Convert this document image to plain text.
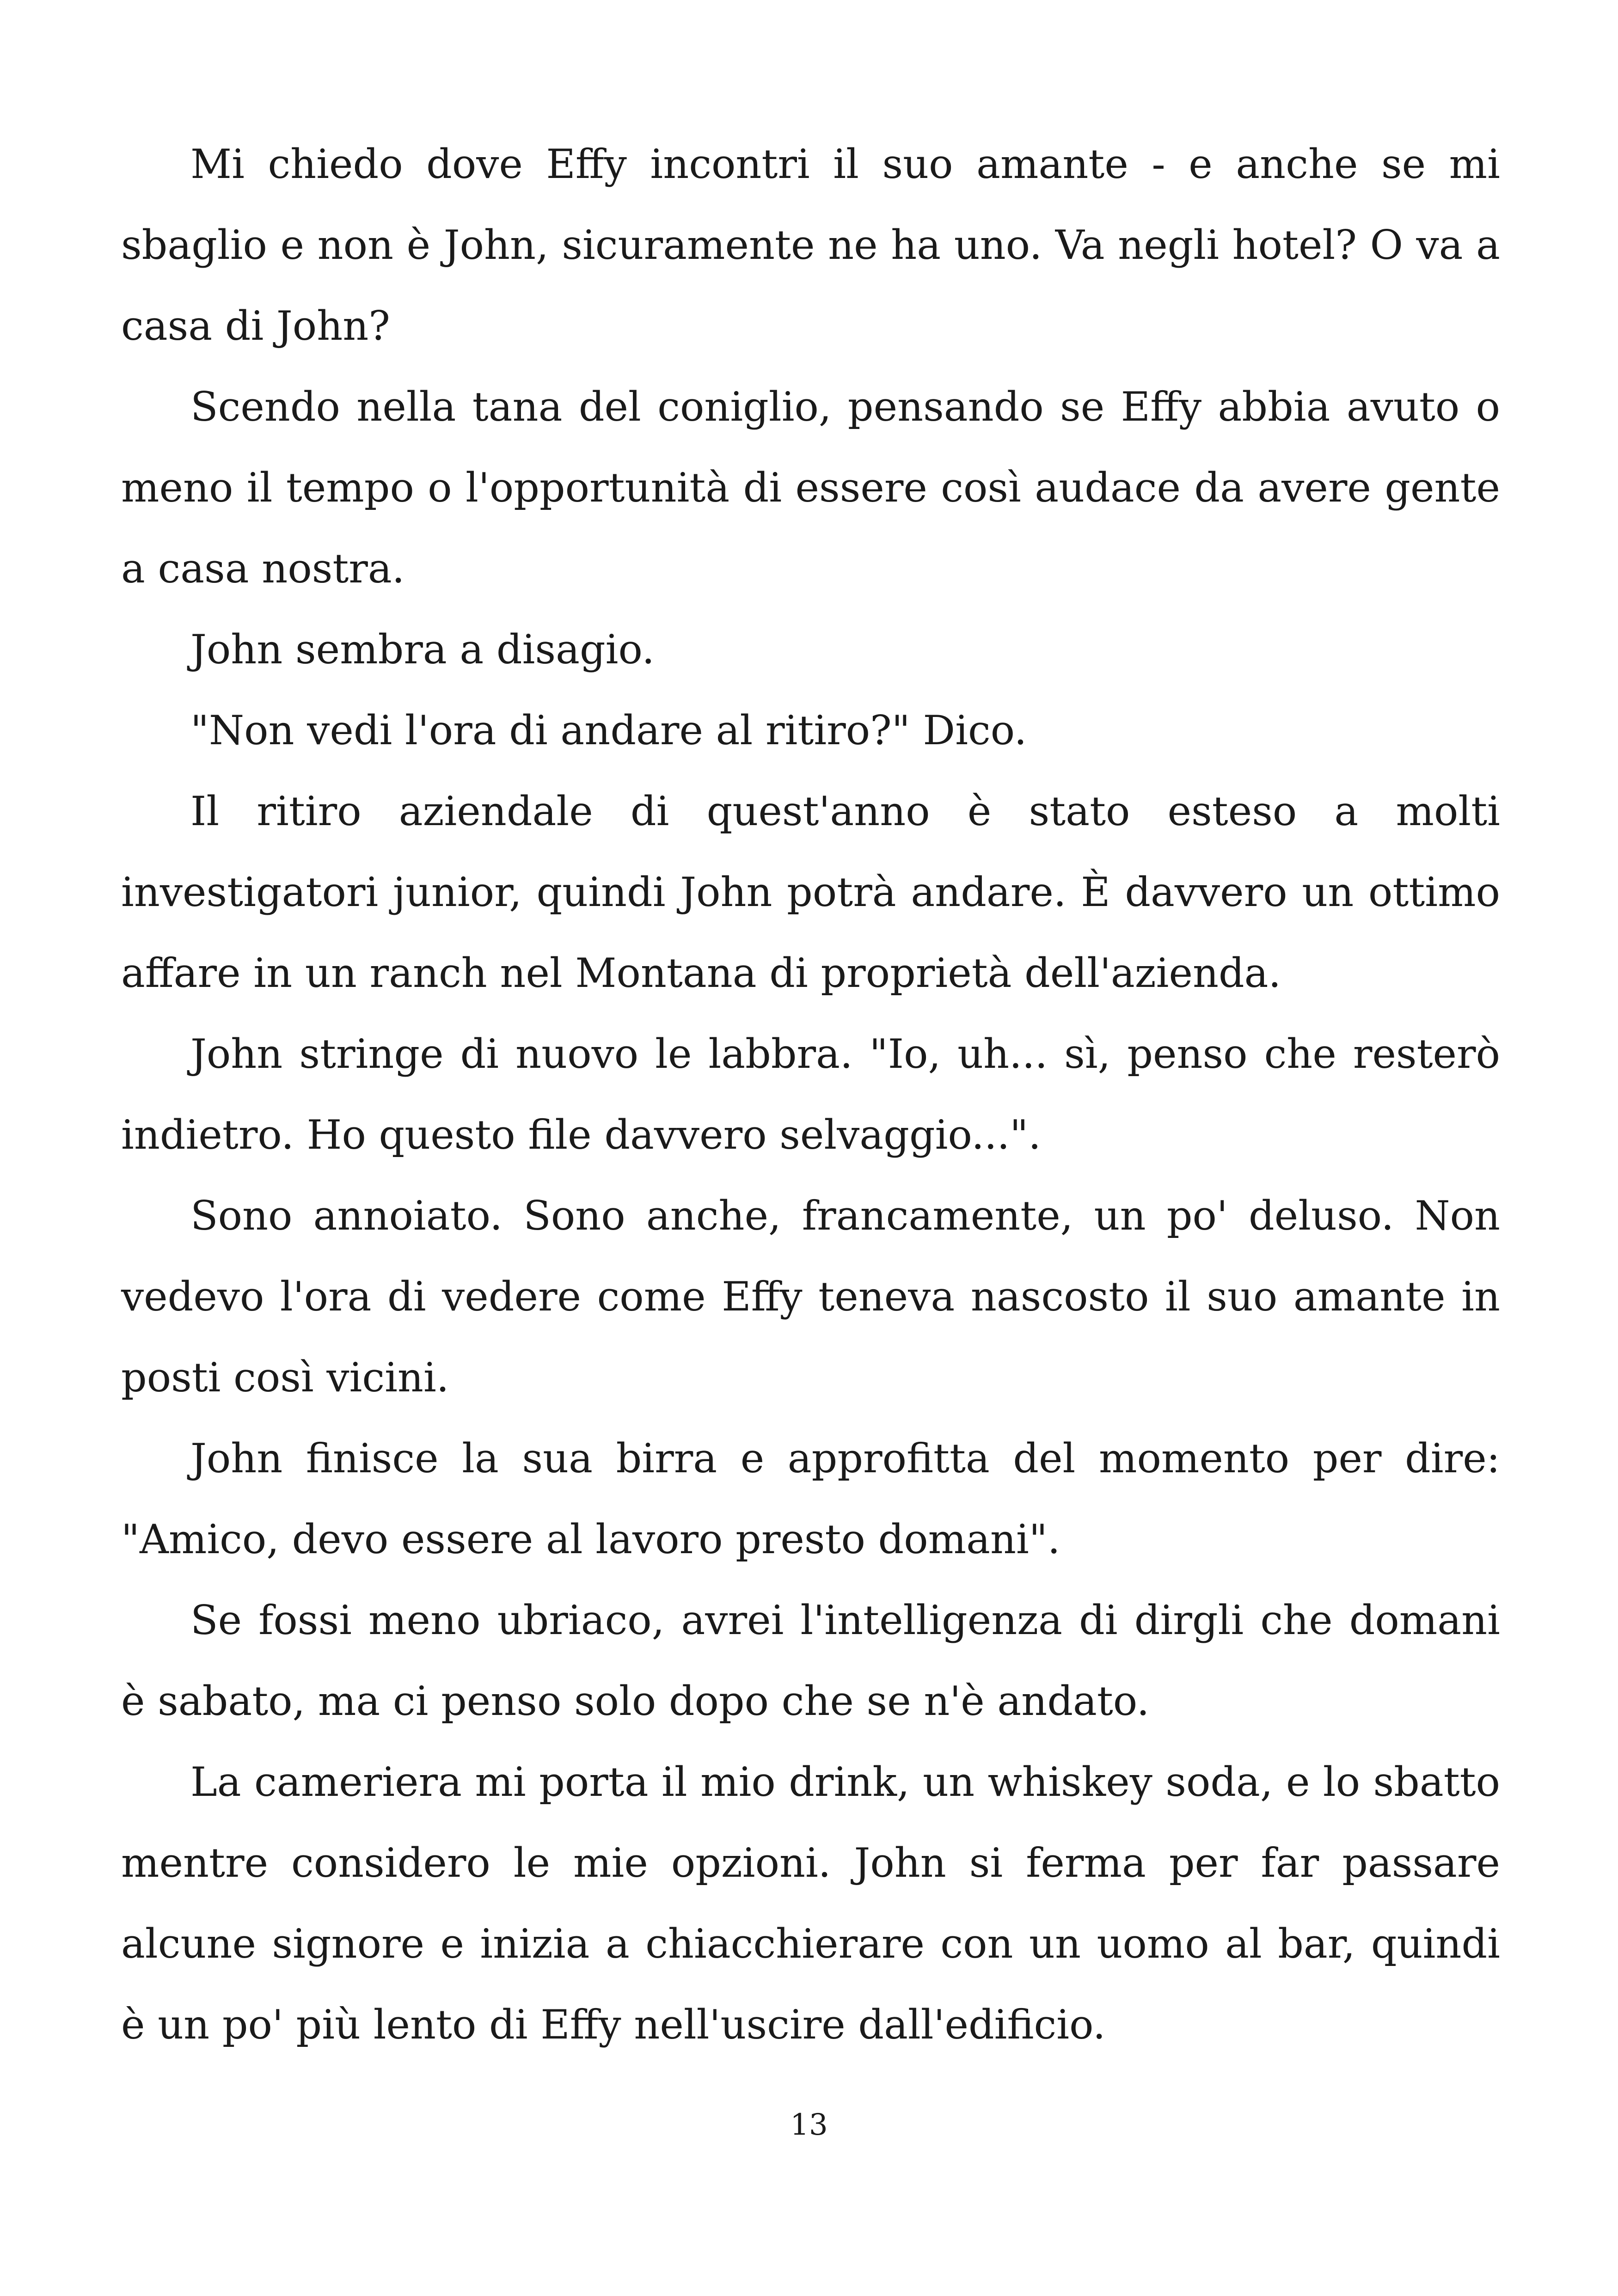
Mi chiedo dove Effy incontri il suo amante - e anche se mi sbaglio e non è John, sicuramente ne ha uno. Va negli hotel? O va a casa di John?

Scendo nella tana del coniglio, pensando se Effy abbia avuto o meno il tempo o l'opportunità di essere così audace da avere gente a casa nostra.

John sembra a disagio.

"Non vedi l'ora di andare al ritiro?" Dico.

Il ritiro aziendale di quest'anno è stato esteso a molti investigatori junior, quindi John potrà andare. È davvero un ottimo affare in un ranch nel Montana di proprietà dell'azienda.

John stringe di nuovo le labbra. "Io, uh... sì, penso che resterò indietro. Ho questo file davvero selvaggio...".

Sono annoiato. Sono anche, francamente, un po' deluso. Non vedevo l'ora di vedere come Effy teneva nascosto il suo amante in posti così vicini.

John finisce la sua birra e approfitta del momento per dire: "Amico, devo essere al lavoro presto domani".

Se fossi meno ubriaco, avrei l'intelligenza di dirgli che domani è sabato, ma ci penso solo dopo che se n'è andato.

La cameriera mi porta il mio drink, un whiskey soda, e lo sbatto mentre considero le mie opzioni. John si ferma per far passare alcune signore e inizia a chiacchierare con un uomo al bar, quindi è un po' più lento di Effy nell'uscire dall'edificio.

13
